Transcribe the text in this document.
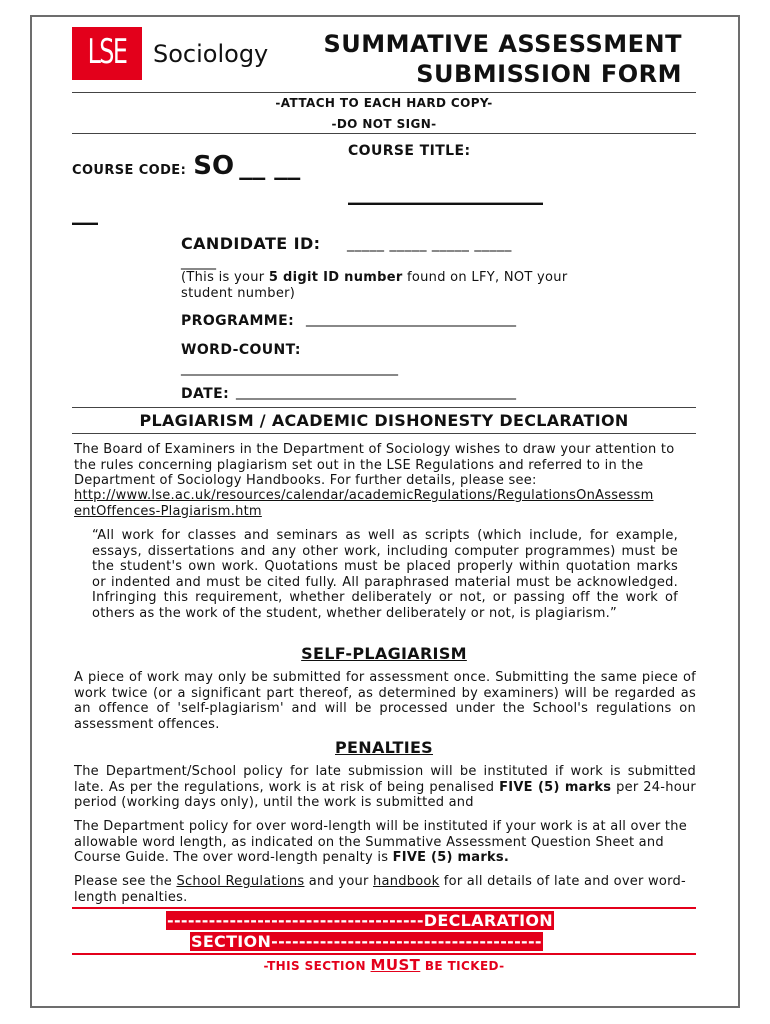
LSE	Sociology	SUMMATIVE ASSESSMENT
SUBMISSION FORM
-ATTACH TO EACH HARD COPY-
-DO NOT SIGN-
COURSE CODE: SO __ __
__
COURSE TITLE:
_______________
CANDIDATE ID: _____ _____ _____ _____
_____
(This is your 5 digit ID number found on LFY, NOT your student number)
PROGRAMME: ______________________________
WORD-COUNT:
_______________________________
DATE: ________________________________________
PLAGIARISM / ACADEMIC DISHONESTY DECLARATION
The Board of Examiners in the Department of Sociology wishes to draw your attention to the rules concerning plagiarism set out in the LSE Regulations and referred to in the Department of Sociology Handbooks. For further details, please see:
http://www.lse.ac.uk/resources/calendar/academicRegulations/RegulationsOnAssessm
entOffences-Plagiarism.htm
“All work for classes and seminars as well as scripts (which include, for example, essays, dissertations and any other work, including computer programmes) must be the student's own work. Quotations must be placed properly within quotation marks or indented and must be cited fully. All paraphrased material must be acknowledged. Infringing this requirement, whether deliberately or not, or passing off the work of others as the work of the student, whether deliberately or not, is plagiarism.”
SELF-PLAGIARISM
A piece of work may only be submitted for assessment once. Submitting the same piece of work twice (or a significant part thereof, as determined by examiners) will be regarded as an offence of 'self-plagiarism' and will be processed under the School's regulations on assessment offences.
PENALTIES
The Department/School policy for late submission will be instituted if work is submitted late. As per the regulations, work is at risk of being penalised FIVE (5) marks per 24-hour period (working days only), until the work is submitted and
The Department policy for over word-length will be instituted if your work is at all over the allowable word length, as indicated on the Summative Assessment Question Sheet and Course Guide. The over word-length penalty is FIVE (5) marks.
Please see the School Regulations and your handbook for all details of late and over word-length penalties.
-------------------------------------DECLARATION
SECTION---------------------------------------
-THIS SECTION MUST BE TICKED-
